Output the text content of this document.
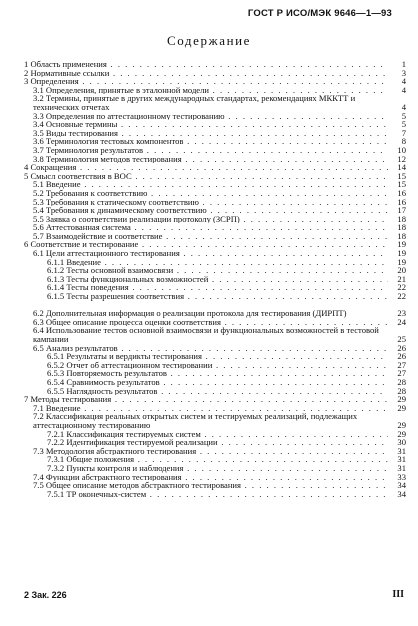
ГОСТ Р ИСО/МЭК 9646—1—93
Содержание
1 Область применения . . .	1
2 Нормативные ссылки . . .	3
3 Определения . . .	4
3.1 Определения, принятые в эталонной модели . . .	4
3.2 Термины, принятые в других международных стандартах, рекомендациях МККТТ и технических отчетах	4
3.3 Определения по аттестационному тестированию . . .	5
3.4 Основные термины . . .	5
3.5 Виды тестирования . . .	7
3.6 Терминология тестовых компонентов . . .	8
3.7 Терминология результатов . . .	10
3.8 Терминология методов тестирования . . .	12
4 Сокращения . . .	14
5 Смысл соответствия в ВОС . . .	15
5.1 Введение . . .	15
5.2 Требования к соответствию . . .	16
5.3 Требования к статическому соответствию . . .	16
5.4 Требования к динамическому соответствию . . .	17
5.5 Заявка о соответствии реализации протоколу (ЗСРП) . . .	18
5.6 Аттестованная система . . .	18
5.7 Взаимодействие и соответствие . . .	18
6 Соответствие и тестирование . . .	19
6.1 Цели аттестационного тестирования . . .	19
6.1.1 Введение . . .	19
6.1.2 Тесты основной взаимосвязи . . .	20
6.1.3 Тесты функциональных возможностей . . .	21
6.1.4 Тесты поведения . . .	22
6.1.5 Тесты разрешения соответствия . . .	22
6.2 Дополнительная информация о реализации протокола для тестирования (ДИРПТ)	23
6.3 Общее описание процесса оценки соответствия . . .	24
6.4 Использование тестов основной взаимосвязи и функциональных возможностей в тестовой кампании	25
6.5 Анализ результатов . . .	26
6.5.1 Результаты и вердикты тестирования . . .	26
6.5.2 Отчет об аттестационном тестировании . . .	27
6.5.3 Повторяемость результатов . . .	27
6.5.4 Сравнимость результатов . . .	28
6.5.5 Наглядность результатов . . .	28
7 Методы тестирования . . .	29
7.1 Введение . . .	29
7.2 Классификация реальных открытых систем и тестируемых реализаций, подлежащих аттестационному тестированию	29
7.2.1 Классификация тестируемых систем . . .	29
7.2.2 Идентификация тестируемой реализации . . .	30
7.3 Методология абстрактного тестирования . . .	31
7.3.1 Общие положения . . .	31
7.3.2 Пункты контроля и наблюдения . . .	31
7.4 Функции абстрактного тестирования . . .	33
7.5 Общее описание методов абстрактного тестирования . . .	34
7.5.1 ТР оконечных-систем . . .	34
2 Зак. 226	III
